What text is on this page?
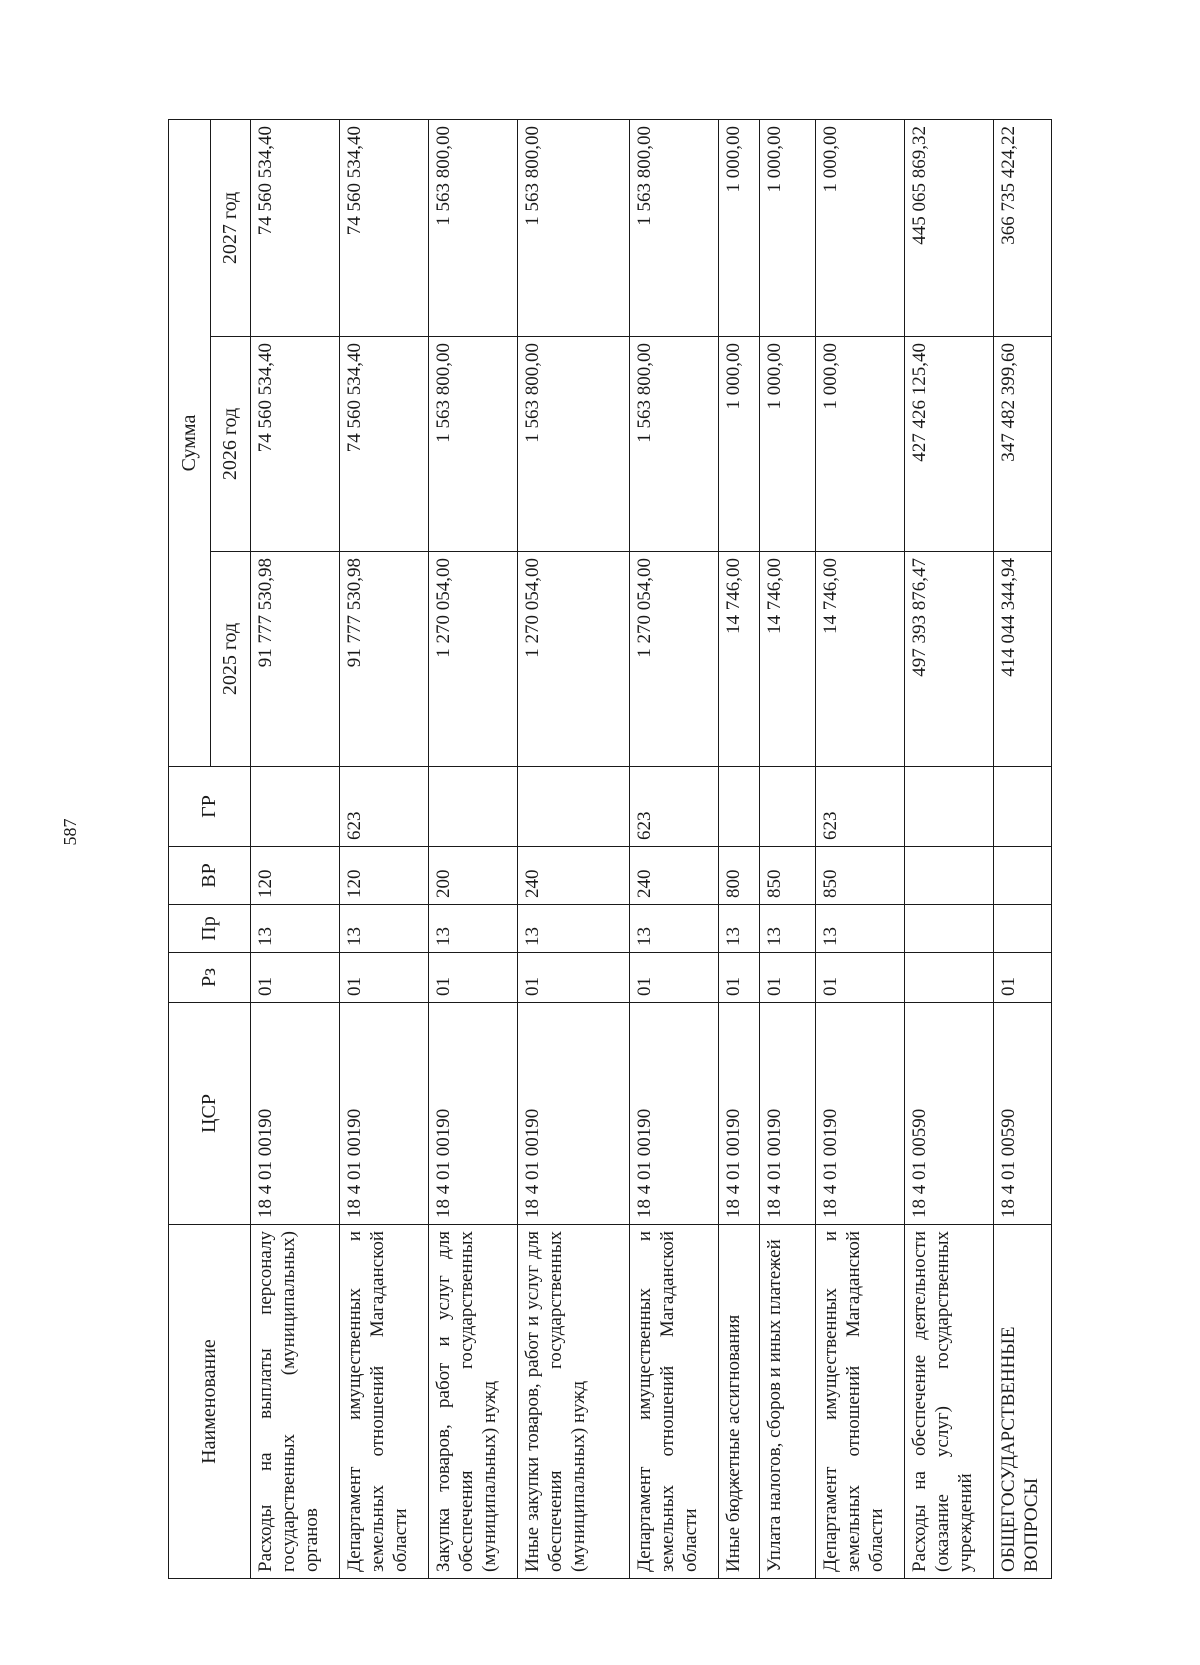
587
Наименование	ЦСР	Рз	Пр	ВР	ГР	Сумма		
						2025 год	2026 год	2027 год
Расходы на выплаты персоналу государственных (муниципальных) органов	18 4 01 00190	01	13	120		91 777 530,98	74 560 534,40	74 560 534,40
Департамент имущественных и земельных отношений Магаданской области	18 4 01 00190	01	13	120	623	91 777 530,98	74 560 534,40	74 560 534,40
Закупка товаров, работ и услуг для обеспечения государственных (муниципальных) нужд	18 4 01 00190	01	13	200		1 270 054,00	1 563 800,00	1 563 800,00
Иные закупки товаров, работ и услуг для обеспечения государственных (муниципальных) нужд	18 4 01 00190	01	13	240		1 270 054,00	1 563 800,00	1 563 800,00
Департамент имущественных и земельных отношений Магаданской области	18 4 01 00190	01	13	240	623	1 270 054,00	1 563 800,00	1 563 800,00
Иные бюджетные ассигнования	18 4 01 00190	01	13	800		14 746,00	1 000,00	1 000,00
Уплата налогов, сборов и иных платежей	18 4 01 00190	01	13	850		14 746,00	1 000,00	1 000,00
Департамент имущественных и земельных отношений Магаданской области	18 4 01 00190	01	13	850	623	14 746,00	1 000,00	1 000,00
Расходы на обеспечение деятельности (оказание услуг) государственных учреждений	18 4 01 00590					497 393 876,47	427 426 125,40	445 065 869,32
ОБЩЕГОСУДАРСТВЕННЫЕ ВОПРОСЫ	18 4 01 00590	01				414 044 344,94	347 482 399,60	366 735 424,22
